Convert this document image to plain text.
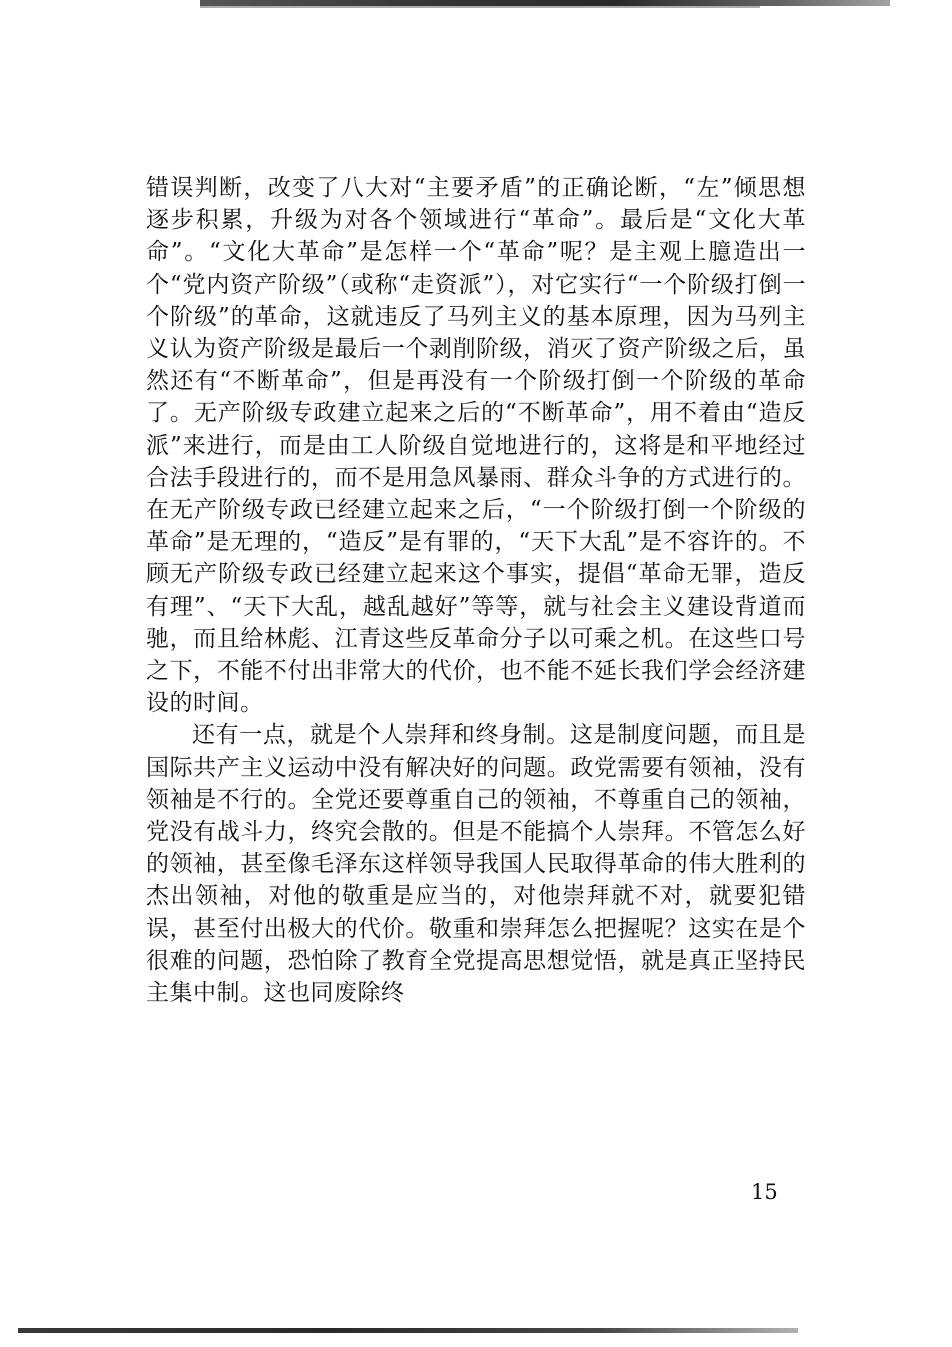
错误判断，改变了八大对“主要矛盾”的正确论断，“左”倾思想逐步积累，升级为对各个领域进行“革命”。最后是“文化大革命”。“文化大革命”是怎样一个“革命”呢？是主观上臆造出一个“党内资产阶级”（或称“走资派”），对它实行“一个阶级打倒一个阶级”的革命，这就违反了马列主义的基本原理，因为马列主义认为资产阶级是最后一个剥削阶级，消灭了资产阶级之后，虽然还有“不断革命”，但是再没有一个阶级打倒一个阶级的革命了。无产阶级专政建立起来之后的“不断革命”，用不着由“造反派”来进行，而是由工人阶级自觉地进行的，这将是和平地经过合法手段进行的，而不是用急风暴雨、群众斗争的方式进行的。在无产阶级专政已经建立起来之后，“一个阶级打倒一个阶级的革命”是无理的，“造反”是有罪的，“天下大乱”是不容许的。不顾无产阶级专政已经建立起来这个事实，提倡“革命无罪，造反有理”、“天下大乱，越乱越好”等等，就与社会主义建设背道而驰，而且给林彪、江青这些反革命分子以可乘之机。在这些口号之下，不能不付出非常大的代价，也不能不延长我们学会经济建设的时间。

还有一点，就是个人崇拜和终身制。这是制度问题，而且是国际共产主义运动中没有解决好的问题。政党需要有领袖，没有领袖是不行的。全党还要尊重自己的领袖，不尊重自己的领袖，党没有战斗力，终究会散的。但是不能搞个人崇拜。不管怎么好的领袖，甚至像毛泽东这样领导我国人民取得革命的伟大胜利的杰出领袖，对他的敬重是应当的，对他崇拜就不对，就要犯错误，甚至付出极大的代价。敬重和崇拜怎么把握呢？这实在是个很难的问题，恐怕除了教育全党提高思想觉悟，就是真正坚持民主集中制。这也同废除终

15
